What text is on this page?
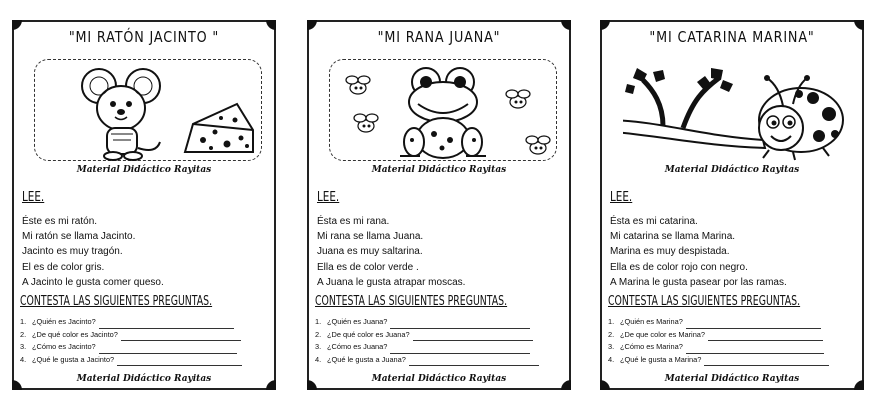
"MI RATÓN JACINTO "
Material Didáctico Rayitas
LEE.
Éste es mi ratón.
Mi ratón se llama Jacinto.
Jacinto es muy tragón.
El es de color gris.
A Jacinto le gusta comer queso.
CONTESTA LAS SIGUIENTES PREGUNTAS.
1. ¿Quién es Jacinto?
2. ¿De qué color es Jacinto?
3. ¿Cómo es Jacinto?
4. ¿Qué le gusta a Jacinto?
Material Didáctico Rayitas
"MI RANA JUANA"
Material Didáctico Rayitas
LEE.
Ésta es mi rana.
Mi rana se llama Juana.
Juana es muy saltarina.
Ella es de color verde .
A Juana le gusta atrapar moscas.
CONTESTA LAS SIGUIENTES PREGUNTAS.
1. ¿Quién es Juana?
2. ¿De qué color es Juana?
3. ¿Cómo es Juana?
4. ¿Qué le gusta a Juana?
Material Didáctico Rayitas
"MI CATARINA MARINA"
Material Didáctico Rayitas
LEE.
Ésta es mi catarina.
Mi catarina se llama Marina.
Marina es muy despistada.
Ella es de color rojo con negro.
A Marina le gusta pasear por las ramas.
CONTESTA LAS SIGUIENTES PREGUNTAS.
1. ¿Quién es Marina?
2. ¿De que color es Marina?
3. ¿Cómo es Marina?
4. ¿Qué le gusta a Marina?
Material Didáctico Rayitas
